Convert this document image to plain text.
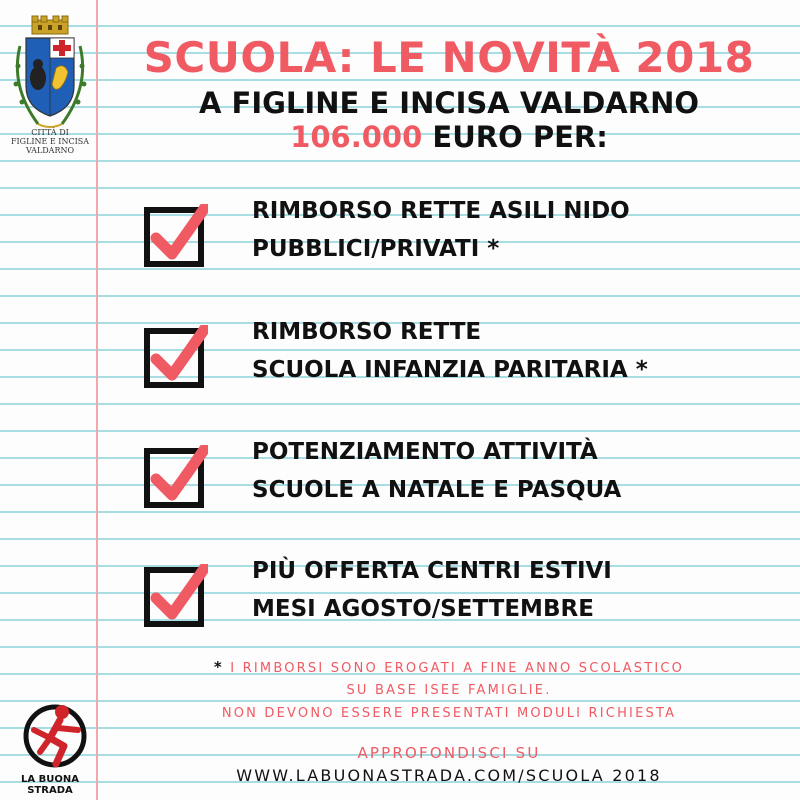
CITTÀ DI
FIGLINE E INCISA
VALDARNO
SCUOLA: LE NOVITÀ 2018
A FIGLINE E INCISA VALDARNO
106.000 EURO PER:
RIMBORSO RETTE ASILI NIDO
PUBBLICI/PRIVATI *
RIMBORSO RETTE
SCUOLA INFANZIA PARITARIA *
POTENZIAMENTO ATTIVITÀ
SCUOLE A NATALE E PASQUA
PIÙ OFFERTA CENTRI ESTIVI
MESI AGOSTO/SETTEMBRE
* I RIMBORSI SONO EROGATI A FINE ANNO SCOLASTICO
SU BASE ISEE FAMIGLIE.
NON DEVONO ESSERE PRESENTATI MODULI RICHIESTA
APPROFONDISCI SU
WWW.LABUONASTRADA.COM/SCUOLA 2018
LA BUONA STRADA
